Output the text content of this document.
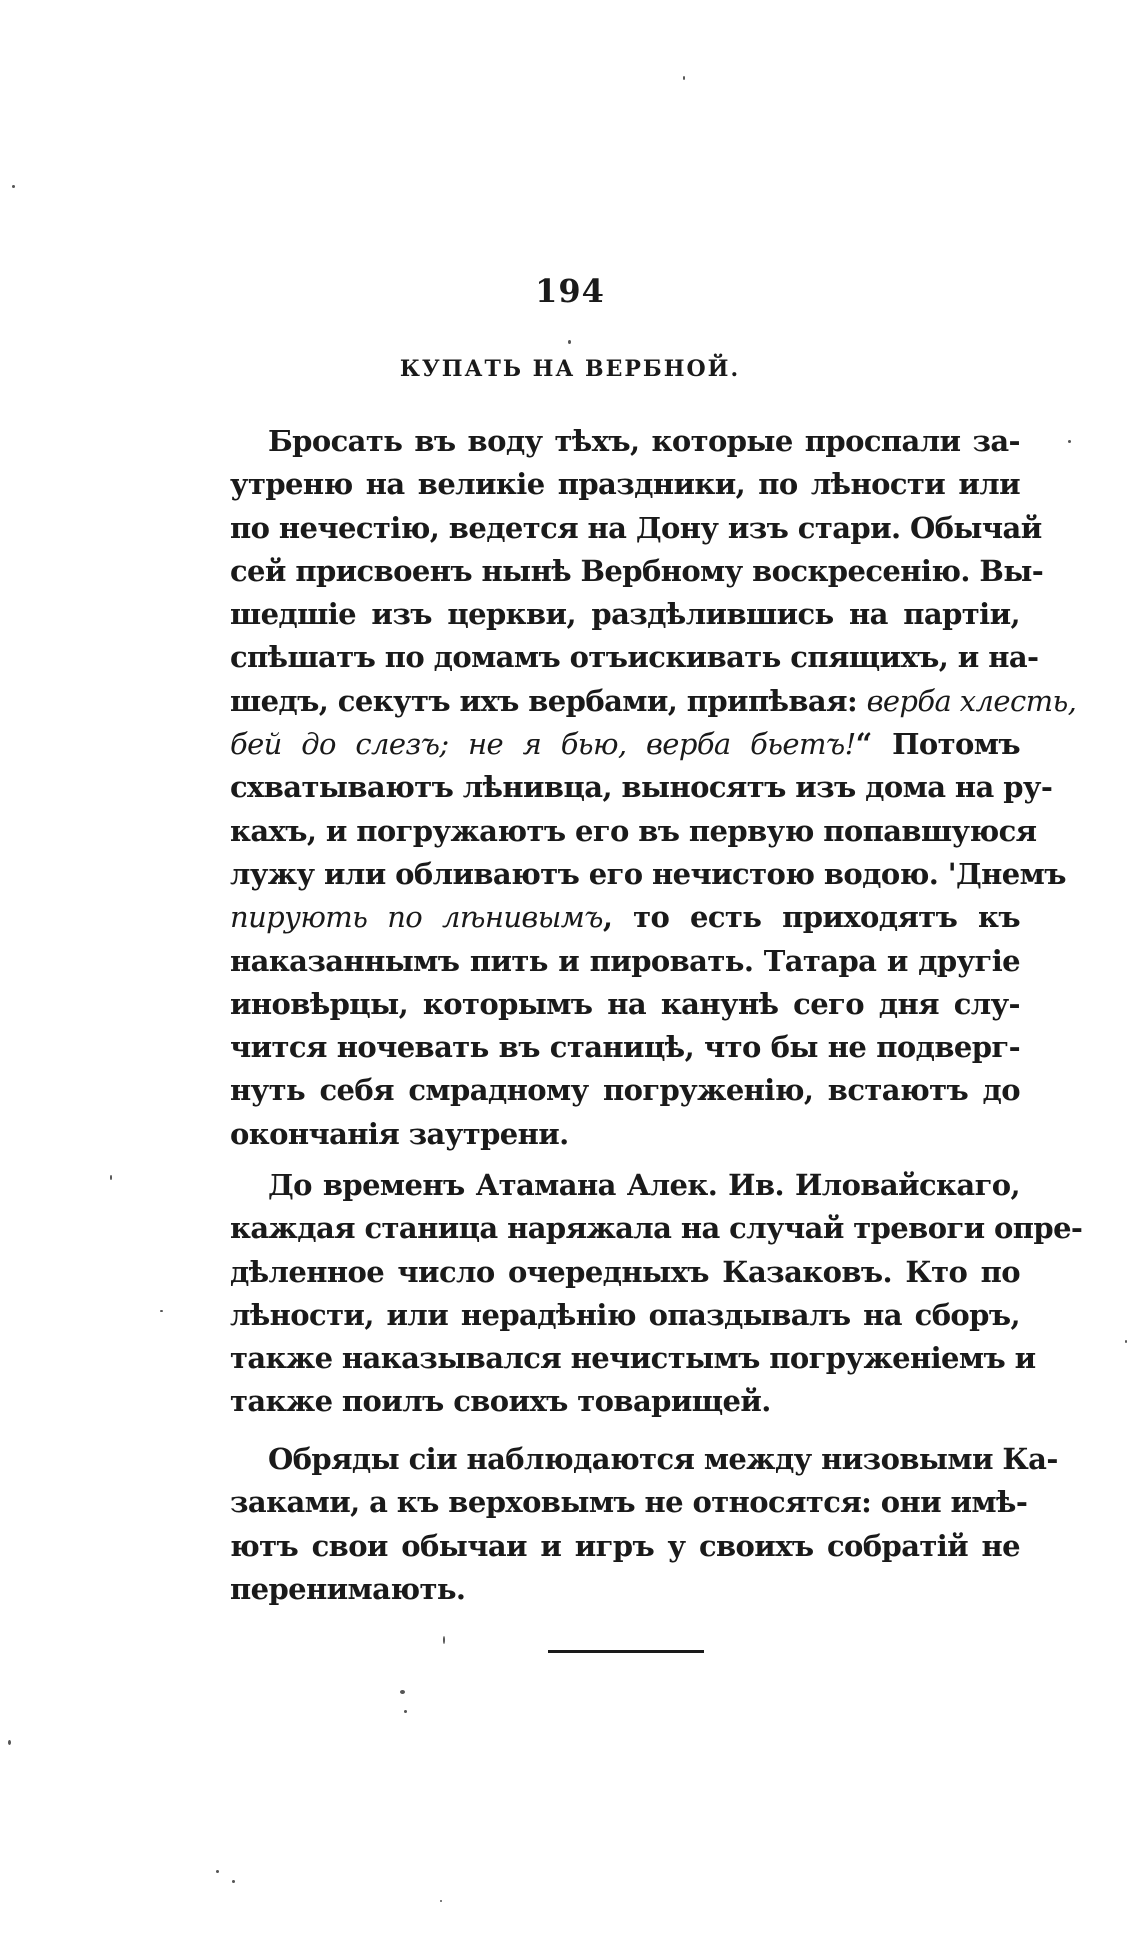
194
КУПАТЬ НА ВЕРБНОЙ.
Бросать въ воду тѣхъ, которые проспали за-
утреню на великіе праздники, по лѣности или
по нечестію, ведется на Дону изъ стари. Обычай
сей присвоенъ нынѣ Вербному воскресенію. Вы-
шедшіе изъ церкви, раздѣлившись на партіи,
спѣшатъ по домамъ отъискивать спящихъ, и на-
шедъ, секутъ ихъ вербами, припѣвая: верба хлесть,
бей до слезъ; не я бью, верба бьетъ!“ Потомъ
схватываютъ лѣнивца, выносятъ изъ дома на ру-
кахъ, и погружаютъ его въ первую попавшуюся
лужу или обливаютъ его нечистою водою. 'Днемъ
пирують по лѣнивымъ, то есть приходятъ къ
наказаннымъ пить и пировать. Татара и другіе
иновѣрцы, которымъ на канунѣ сего дня слу-
чится ночевать въ станицѣ, что бы не подверг-
нуть себя смрадному погруженію, встаютъ до
окончанія заутрени.
До временъ Атамана Алек. Ив. Иловайскаго,
каждая станица наряжала на случай тревоги опре-
дѣленное число очередныхъ Казаковъ. Кто по
лѣности, или нерадѣнію опаздывалъ на сборъ,
также наказывался нечистымъ погруженіемъ и
также поилъ своихъ товарищей.
Обряды сіи наблюдаются между низовыми Ка-
заками, а къ верховымъ не относятся: они имѣ-
ютъ свои обычаи и игръ у своихъ собратій не
перенимають.
